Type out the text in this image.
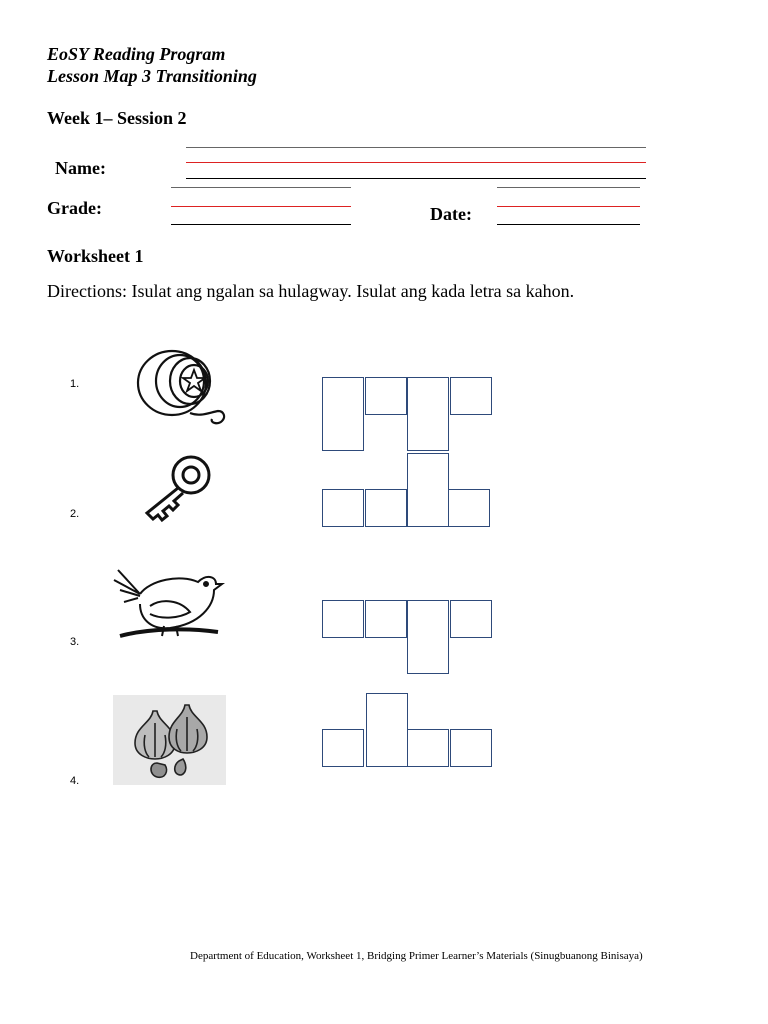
EoSY Reading Program
Lesson Map 3 Transitioning
Week 1– Session 2
Name:
Grade:	Date:
Worksheet 1
Directions: Isulat ang ngalan sa hulagway. Isulat ang kada letra sa kahon.
1.
2.
3.
4.
Department of Education, Worksheet 1, Bridging Primer Learner’s Materials (Sinugbuanong Binisaya)
